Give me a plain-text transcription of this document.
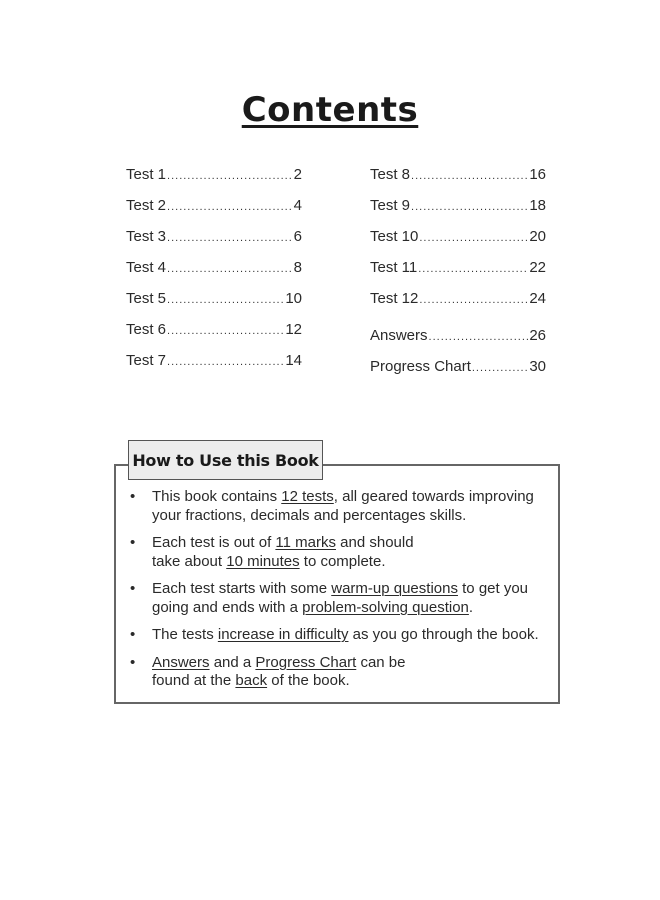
Contents
Test 1 .....	2
Test 2 .....	4
Test 3 .....	6
Test 4 .....	8
Test 5 .....	10
Test 6 .....	12
Test 7 .....	14
Test 8 .....	16
Test 9 .....	18
Test 10 .....	20
Test 11 .....	22
Test 12 .....	24
Answers .....	26
Progress Chart .....	30
How to Use this Book
• This book contains 12 tests, all geared towards improving your fractions, decimals and percentages skills.
• Each test is out of 11 marks and should
take about 10 minutes to complete.
• Each test starts with some warm-up questions to get you going and ends with a problem-solving question.
• The tests increase in difficulty as you go through the book.
• Answers and a Progress Chart can be
found at the back of the book.
